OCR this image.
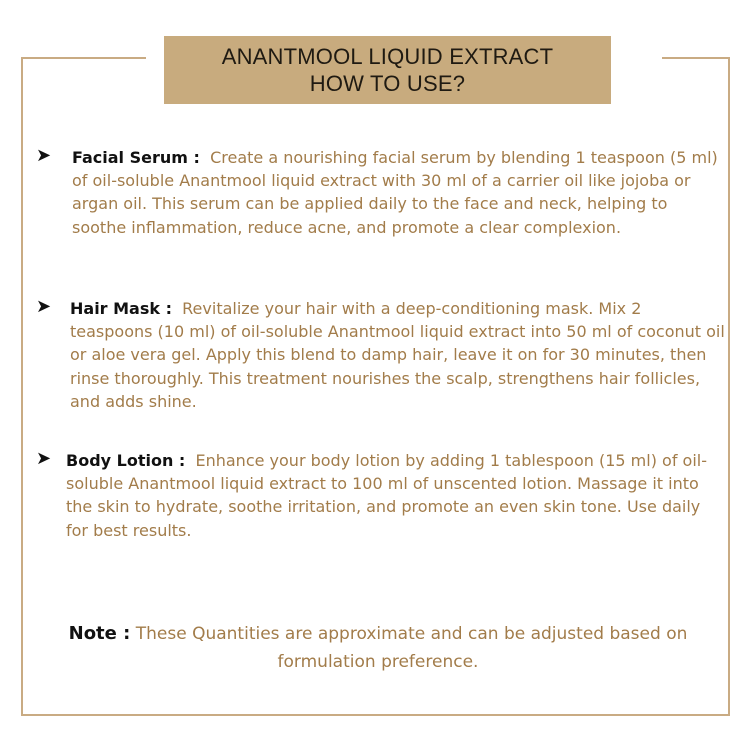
ANANTMOOL LIQUID EXTRACT
HOW TO USE?
➤	Facial Serum : Create a nourishing facial serum by blending 1 teaspoon (5 ml) of oil-soluble Anantmool liquid extract with 30 ml of a carrier oil like jojoba or argan oil. This serum can be applied daily to the face and neck, helping to soothe inflammation, reduce acne, and promote a clear complexion.

➤	Hair Mask : Revitalize your hair with a deep-conditioning mask. Mix 2 teaspoons (10 ml) of oil-soluble Anantmool liquid extract into 50 ml of coconut oil or aloe vera gel. Apply this blend to damp hair, leave it on for 30 minutes, then rinse thoroughly. This treatment nourishes the scalp, strengthens hair follicles, and adds shine.

➤ Body Lotion : Enhance your body lotion by adding 1 tablespoon (15 ml) of oil-soluble Anantmool liquid extract to 100 ml of unscented lotion. Massage it into the skin to hydrate, soothe irritation, and promote an even skin tone. Use daily for best results.

Note : These Quantities are approximate and can be adjusted based on formulation preference.
